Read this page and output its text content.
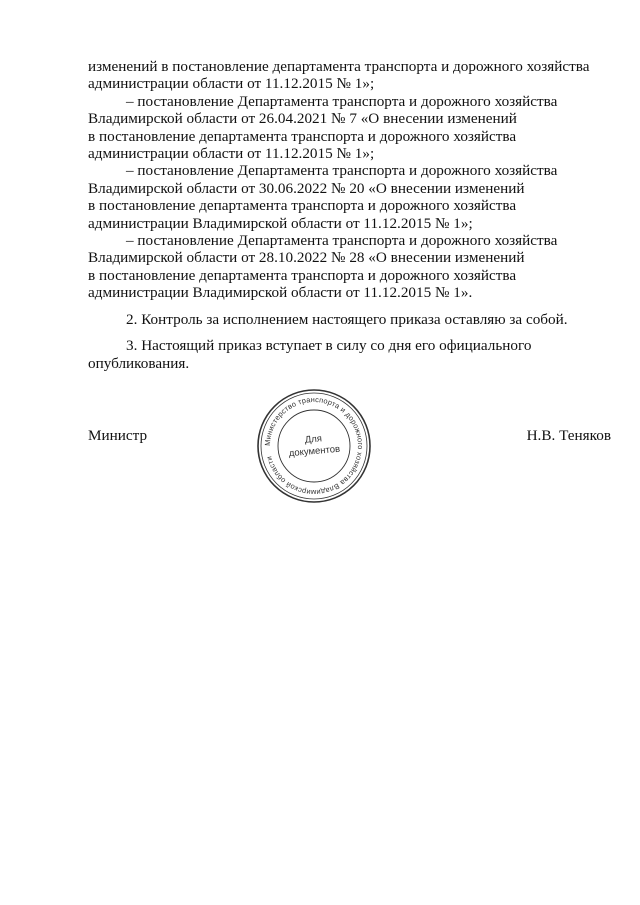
изменений в постановление департамента транспорта и дорожного хозяйства
администрации области от 11.12.2015 № 1»;

– постановление Департамента транспорта и дорожного хозяйства
Владимирской области от 26.04.2021 № 7 «О внесении изменений
в постановление департамента транспорта и дорожного хозяйства
администрации области от 11.12.2015 № 1»;

– постановление Департамента транспорта и дорожного хозяйства
Владимирской области от 30.06.2022 № 20 «О внесении изменений
в постановление департамента транспорта и дорожного хозяйства
администрации Владимирской области от 11.12.2015 № 1»;

– постановление Департамента транспорта и дорожного хозяйства
Владимирской области от 28.10.2022 № 28 «О внесении изменений
в постановление департамента транспорта и дорожного хозяйства
администрации Владимирской области от 11.12.2015 № 1».

2. Контроль за исполнением настоящего приказа оставляю за собой.

3. Настоящий приказ вступает в силу со дня его официального
опубликования.

Министр	Н.В. Теняков
Министерство транспорта и дорожного хозяйства Владимирской области
Для
документов
